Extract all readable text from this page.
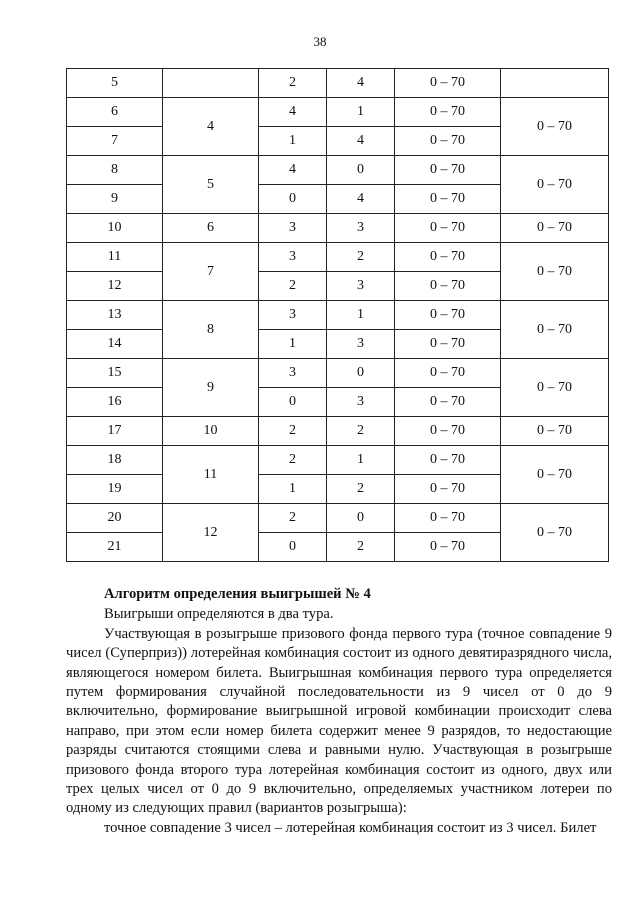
38
5		2	4	0 – 70	
6	4	4	1	0 – 70	0 – 70
7		1	4	0 – 70	
8	5	4	0	0 – 70	0 – 70
9		0	4	0 – 70	
10	6	3	3	0 – 70	0 – 70
11	7	3	2	0 – 70	0 – 70
12		2	3	0 – 70	
13	8	3	1	0 – 70	0 – 70
14		1	3	0 – 70	
15	9	3	0	0 – 70	0 – 70
16		0	3	0 – 70	
17	10	2	2	0 – 70	0 – 70
18	11	2	1	0 – 70	0 – 70
19		1	2	0 – 70	
20	12	2	0	0 – 70	0 – 70
21		0	2	0 – 70	

Алгоритм определения выигрышей № 4

Выигрыши определяются в два тура.

Участвующая в розыгрыше призового фонда первого тура (точное совпадение 9 чисел (Суперприз)) лотерейная комбинация состоит из одного девятиразрядного числа, являющегося номером билета. Выигрышная комбинация первого тура определяется путем формирования случайной последовательности из 9 чисел от 0 до 9 включительно, формирование выигрышной игровой комбинации происходит слева направо, при этом если номер билета содержит менее 9 разрядов, то недостающие разряды считаются стоящими слева и равными нулю. Участвующая в розыгрыше призового фонда второго тура лотерейная комбинация состоит из одного, двух или трех целых чисел от 0 до 9 включительно, определяемых участником лотереи по одному из следующих правил (вариантов розыгрыша):

точное совпадение 3 чисел – лотерейная комбинация состоит из 3 чисел. Билет
